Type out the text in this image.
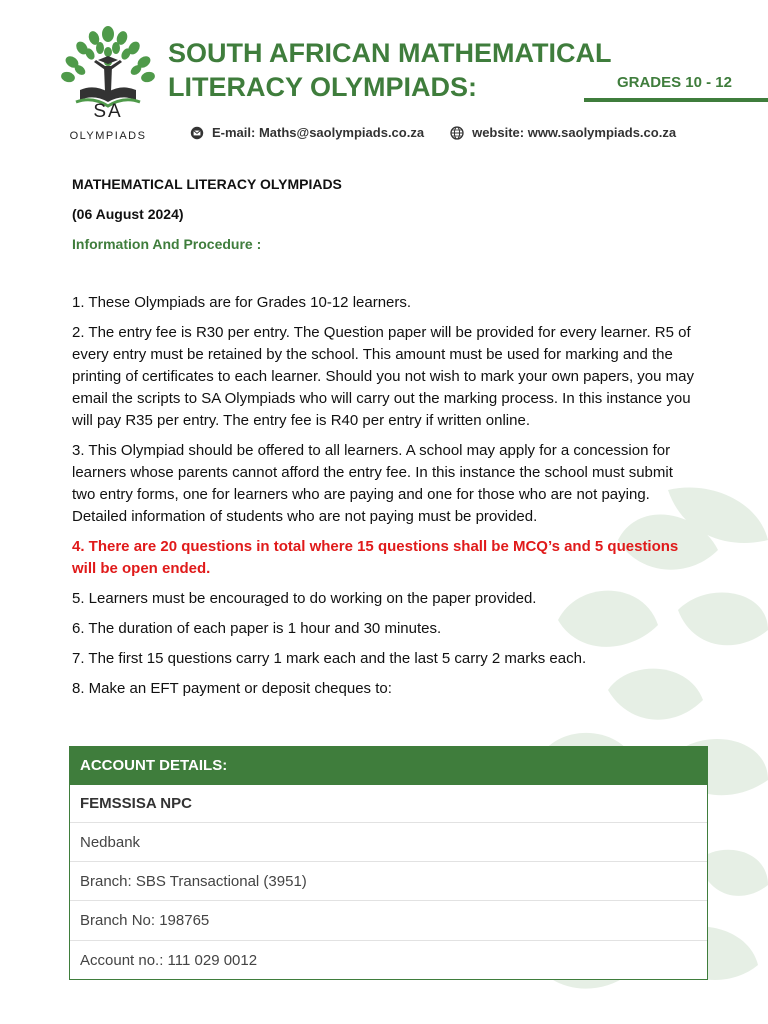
SA
OLYMPIADS
SOUTH AFRICAN MATHEMATICAL
LITERACY OLYMPIADS:	GRADES 10 - 12
E-mail: Maths@saolympiads.co.za	website: www.saolympiads.co.za
MATHEMATICAL LITERACY OLYMPIADS
(06 August 2024)
Information And Procedure :

1. These Olympiads are for Grades 10-12 learners.

2. The entry fee is R30 per entry. The Question paper will be provided for every learner. R5 of every entry must be retained by the school. This amount must be used for marking and the printing of certificates to each learner. Should you not wish to mark your own papers, you may email the scripts to SA Olympiads who will carry out the marking process. In this instance you will pay R35 per entry. The entry fee is R40 per entry if written online.

3. This Olympiad should be offered to all learners. A school may apply for a concession for learners whose parents cannot afford the entry fee. In this instance the school must submit two entry forms, one for learners who are paying and one for those who are not paying. Detailed information of students who are not paying must be provided.

4. There are 20 questions in total where 15 questions shall be MCQ’s and 5 questions will be open ended.

5. Learners must be encouraged to do working on the paper provided.

6. The duration of each paper is 1 hour and 30 minutes.

7. The first 15 questions carry 1 mark each and the last 5 carry 2 marks each.

8. Make an EFT payment or deposit cheques to:

ACCOUNT DETAILS:
FEMSSISA NPC
Nedbank
Branch: SBS Transactional (3951)
Branch No: 198765
Account no.: 111 029 0012
